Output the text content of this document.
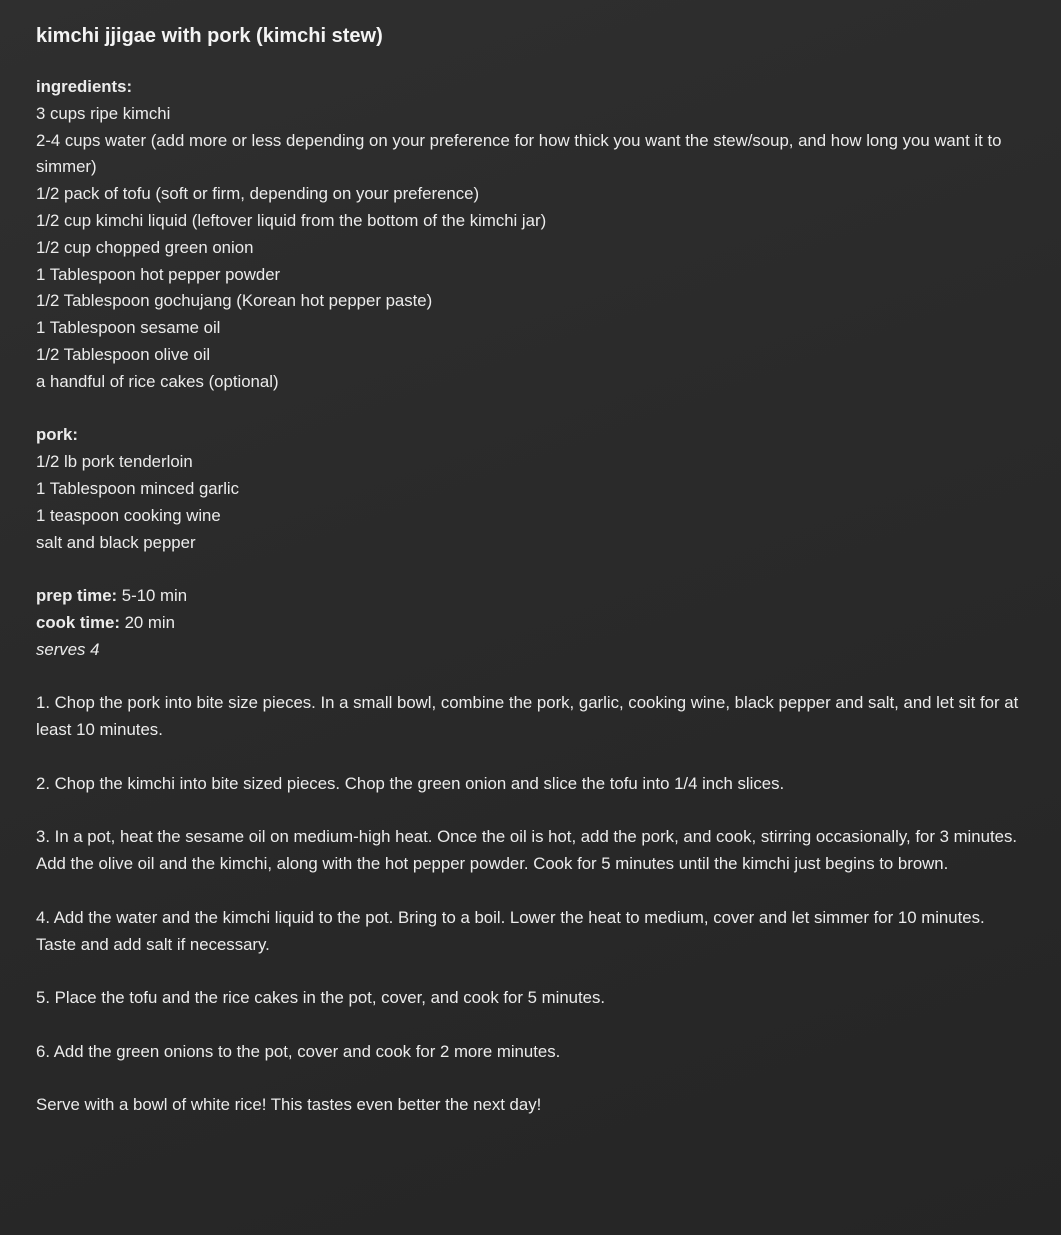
kimchi jjigae with pork (kimchi stew)
ingredients:
3 cups ripe kimchi
2-4 cups water (add more or less depending on your preference for how thick you want the stew/soup, and how long you want it to simmer)
1/2 pack of tofu (soft or firm, depending on your preference)
1/2 cup kimchi liquid (leftover liquid from the bottom of the kimchi jar)
1/2 cup chopped green onion
1 Tablespoon hot pepper powder
1/2 Tablespoon gochujang (Korean hot pepper paste)
1 Tablespoon sesame oil
1/2 Tablespoon olive oil
a handful of rice cakes (optional)
pork:
1/2 lb pork tenderloin
1 Tablespoon minced garlic
1 teaspoon cooking wine
salt and black pepper
prep time: 5-10 min
cook time: 20 min
serves 4

1. Chop the pork into bite size pieces. In a small bowl, combine the pork, garlic, cooking wine, black pepper and salt, and let sit for at least 10 minutes.

2. Chop the kimchi into bite sized pieces. Chop the green onion and slice the tofu into 1/4 inch slices.

3. In a pot, heat the sesame oil on medium-high heat. Once the oil is hot, add the pork, and cook, stirring occasionally, for 3 minutes. Add the olive oil and the kimchi, along with the hot pepper powder. Cook for 5 minutes until the kimchi just begins to brown.

4. Add the water and the kimchi liquid to the pot. Bring to a boil. Lower the heat to medium, cover and let simmer for 10 minutes. Taste and add salt if necessary.

5. Place the tofu and the rice cakes in the pot, cover, and cook for 5 minutes.

6. Add the green onions to the pot, cover and cook for 2 more minutes.

Serve with a bowl of white rice! This tastes even better the next day!
